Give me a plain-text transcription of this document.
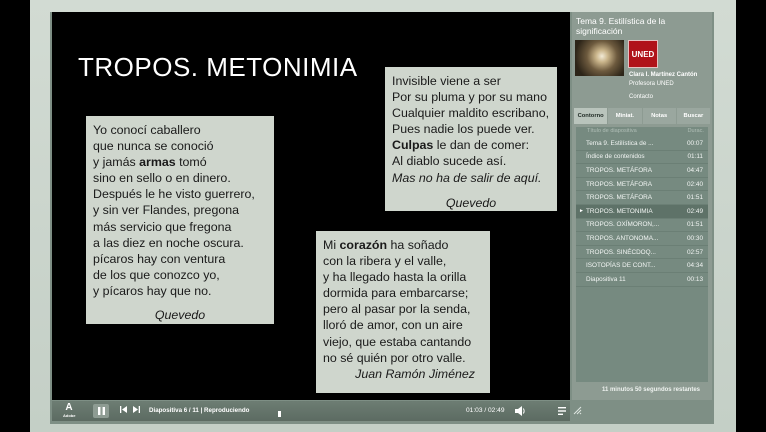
TROPOS. METONIMIA
Yo conocí caballero
que nunca se conoció
y jamás armas tomó
sino en sello o en dinero.
Después le he visto guerrero,
y sin ver Flandes, pregona
más servicio que fregona
a las diez en noche oscura.
pícaros hay con ventura
de los que conozco yo,
y pícaros hay que no.
Quevedo
Invisible viene a ser
Por su pluma y por su mano
Cualquier maldito escribano,
Pues nadie los puede ver.
Culpas le dan de comer:
Al diablo sucede así.
Mas no ha de salir de aquí.
Quevedo
Mi corazón ha soñado
con la ribera y el valle,
y ha llegado hasta la orilla
dormida para embarcarse;
pero al pasar por la senda,
lloró de amor, con un aire
viejo, que estaba cantando
no sé quién por otro valle.
Juan Ramón Jiménez
Tema 9. Estilística de la significación
UNED
Clara I. Martínez Cantón
Profesora UNED
Contacto
Contorno	Miniat.	Notas	Buscar
Título de diapositiva	Durac.
Tema 9. Estilística de ...	00:07
Índice de contenidos	01:11
TROPOS. METÁFORA	04:47
TROPOS. METÁFORA	02:40
TROPOS. METÁFORA	01:51
► TROPOS. METONIMIA	02:49
TROPOS. OXÍMORON,...	01:51
TROPOS. ANTONOMA...	00:30
TROPOS. SINÉCDOQ...	02:57
ISOTOPÍAS DE CONT...	04:34
Diapositiva 11	00:13
11 minutos 50 segundos restantes
A
Adobe
Diapositiva 6 / 11 | Reproduciendo	01:03 / 02:49
